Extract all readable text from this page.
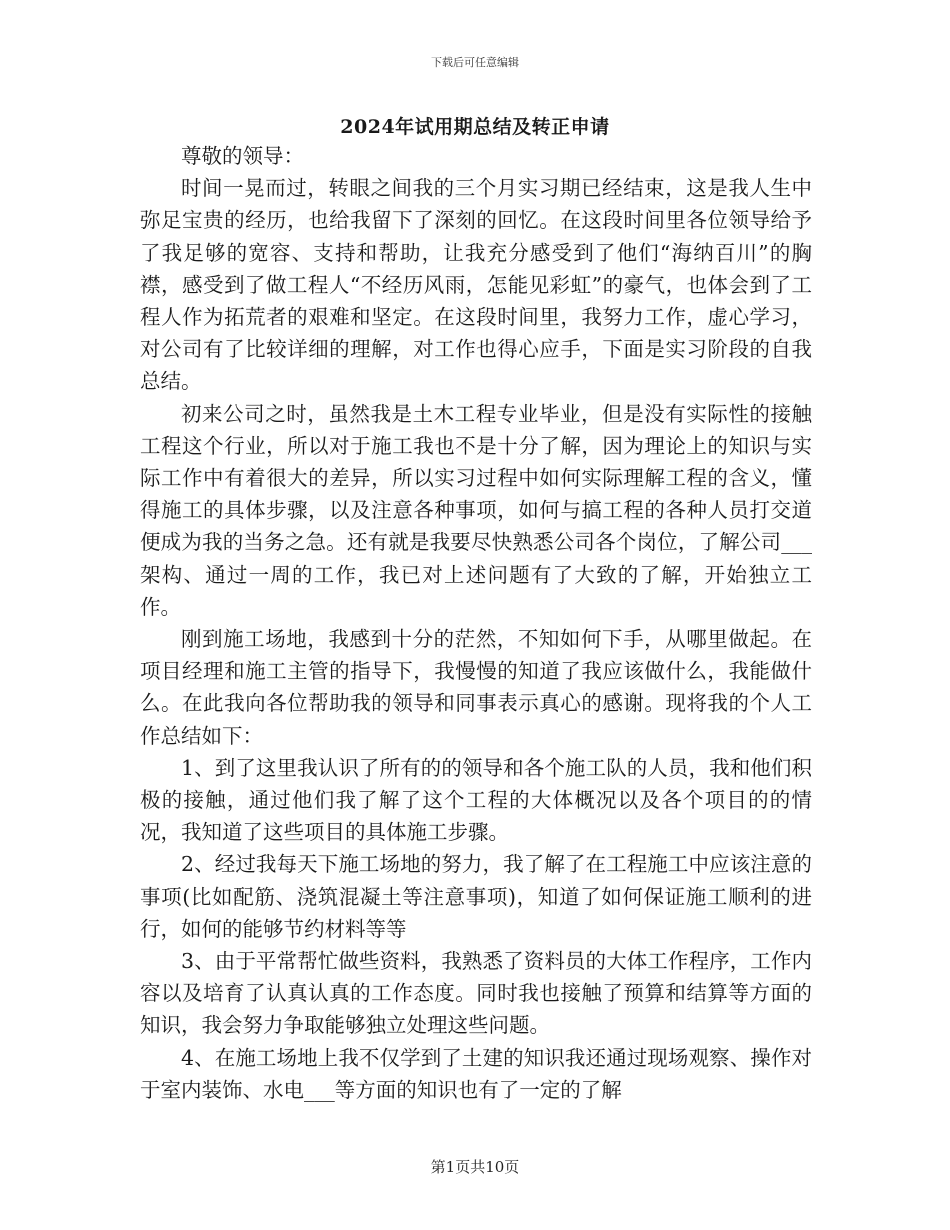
下载后可任意编辑
2024年试用期总结及转正申请

尊敬的领导：

时间一晃而过，转眼之间我的三个月实习期已经结束，这是我人生中弥足宝贵的经历，也给我留下了深刻的回忆。在这段时间里各位领导给予了我足够的宽容、支持和帮助，让我充分感受到了他们“海纳百川”的胸襟，感受到了做工程人“不经历风雨，怎能见彩虹”的豪气，也体会到了工程人作为拓荒者的艰难和坚定。在这段时间里，我努力工作，虚心学习，对公司有了比较详细的理解，对工作也得心应手，下面是实习阶段的自我总结。

初来公司之时，虽然我是土木工程专业毕业，但是没有实际性的接触工程这个行业，所以对于施工我也不是十分了解，因为理论上的知识与实际工作中有着很大的差异，所以实习过程中如何实际理解工程的含义，懂得施工的具体步骤，以及注意各种事项，如何与搞工程的各种人员打交道便成为我的当务之急。还有就是我要尽快熟悉公司各个岗位，了解公司___架构、通过一周的工作，我已对上述问题有了大致的了解，开始独立工作。

刚到施工场地，我感到十分的茫然，不知如何下手，从哪里做起。在项目经理和施工主管的指导下，我慢慢的知道了我应该做什么，我能做什么。在此我向各位帮助我的领导和同事表示真心的感谢。现将我的个人工作总结如下：

1、到了这里我认识了所有的的领导和各个施工队的人员，我和他们积极的接触，通过他们我了解了这个工程的大体概况以及各个项目的的情况，我知道了这些项目的具体施工步骤。

2、经过我每天下施工场地的努力，我了解了在工程施工中应该注意的事项(比如配筋、浇筑混凝土等注意事项)，知道了如何保证施工顺利的进行，如何的能够节约材料等等

3、由于平常帮忙做些资料，我熟悉了资料员的大体工作程序，工作内容以及培育了认真认真的工作态度。同时我也接触了预算和结算等方面的知识，我会努力争取能够独立处理这些问题。

4、在施工场地上我不仅学到了土建的知识我还通过现场观察、操作对于室内装饰、水电___等方面的知识也有了一定的了解

第1页共10页
